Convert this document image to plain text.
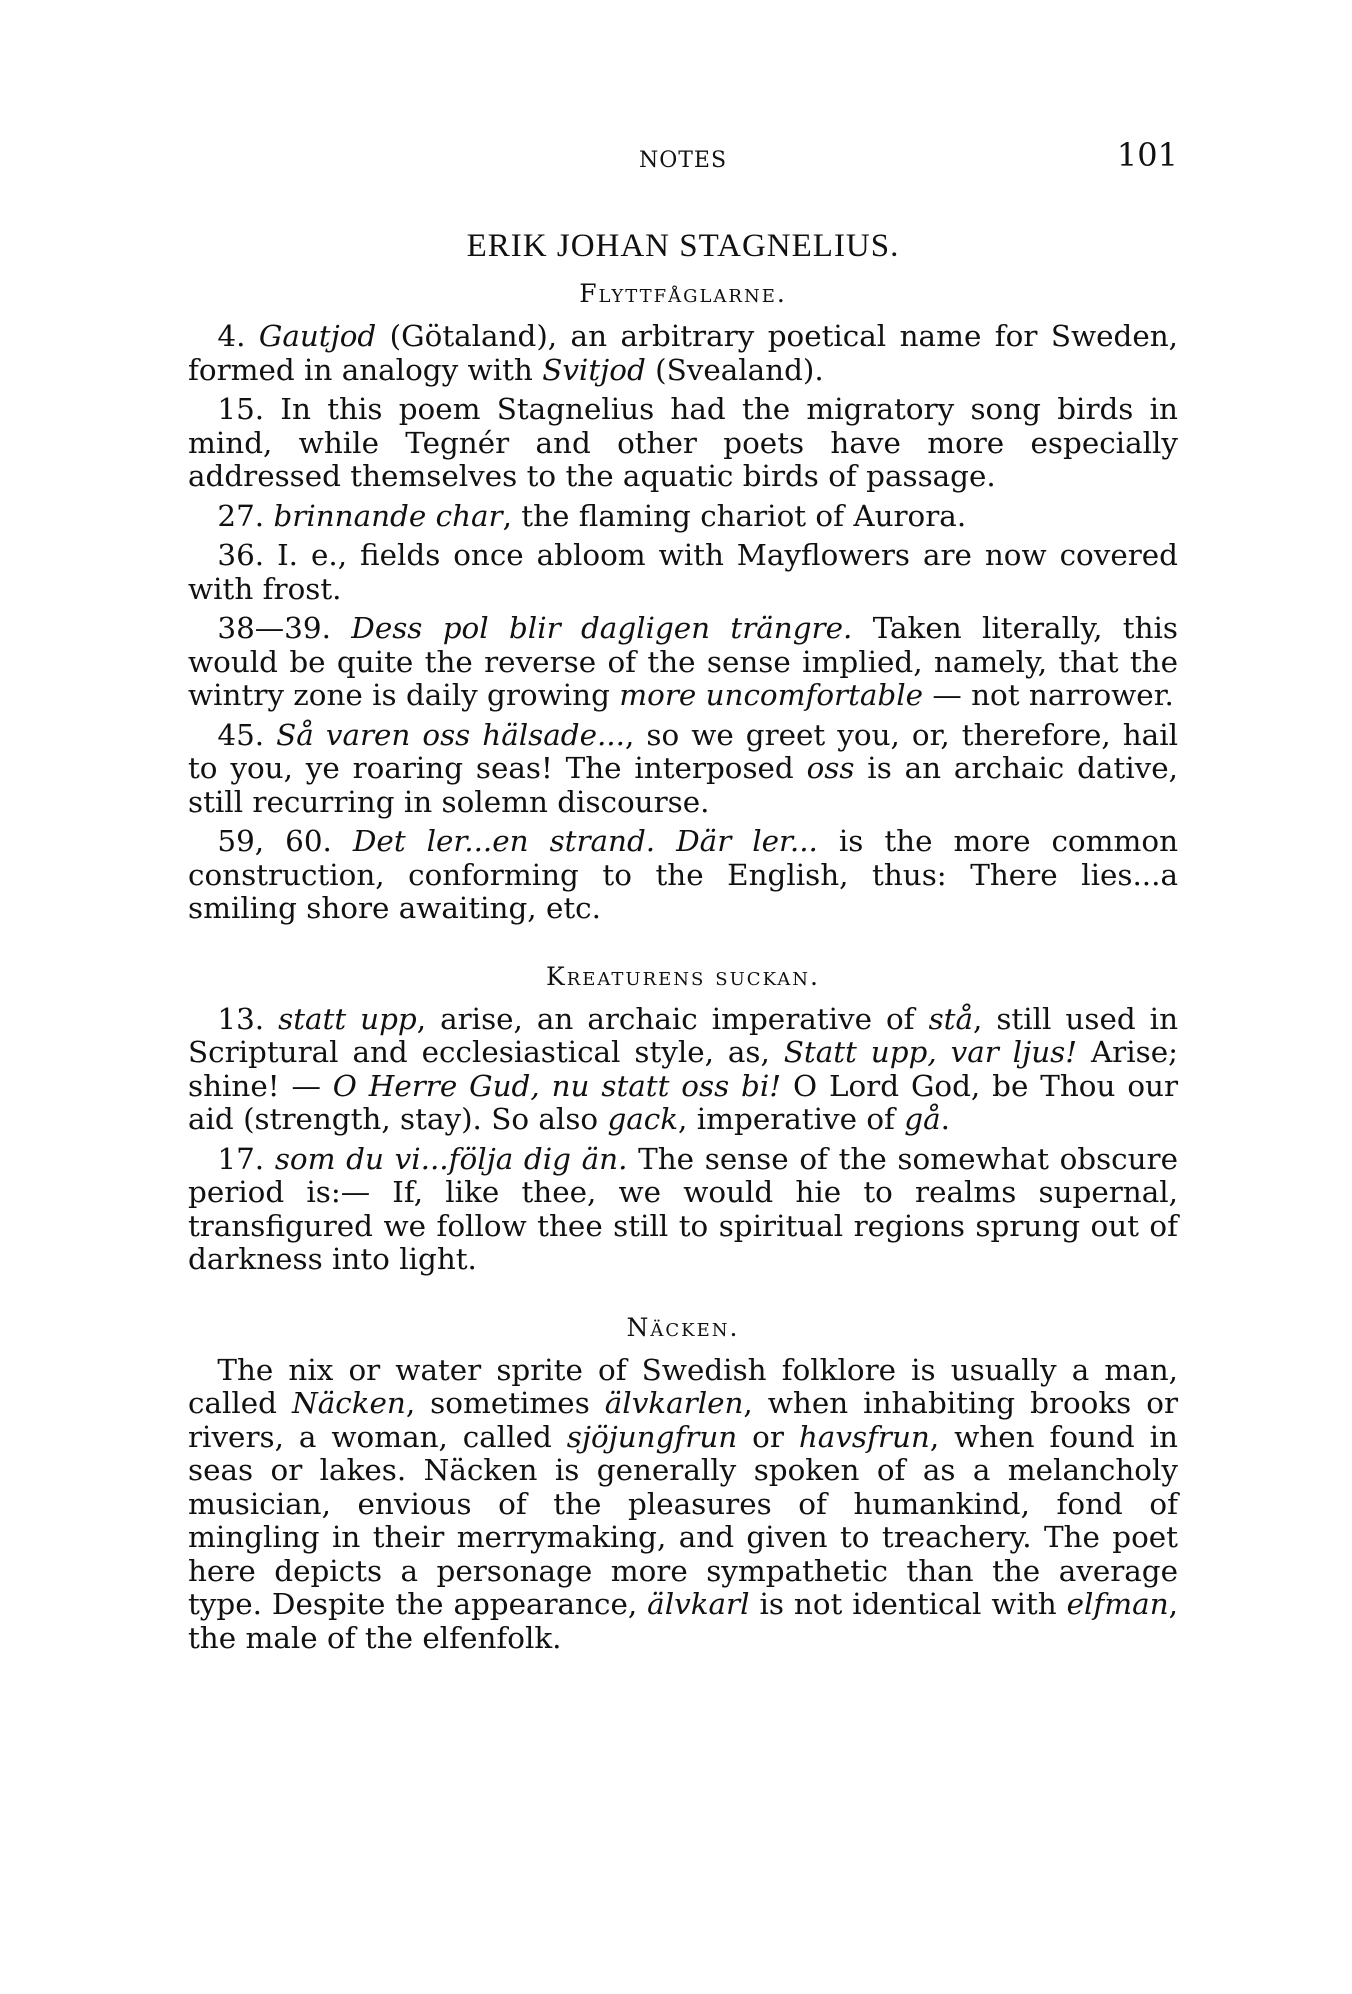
NOTES	101
ERIK JOHAN STAGNELIUS.
Flyttfåglarne.

4. Gautjod (Götaland), an arbitrary poetical name for Sweden, formed in analogy with Svitjod (Svealand).

15. In this poem Stagnelius had the migratory song birds in mind, while Tegnér and other poets have more especially addressed themselves to the aquatic birds of passage.

27. brinnande char, the flaming chariot of Aurora.

36. I. e., fields once abloom with Mayflowers are now covered with frost.

38—39. Dess pol blir dagligen trängre. Taken literally, this would be quite the reverse of the sense implied, namely, that the wintry zone is daily growing more uncomfortable — not narrower.

45. Så varen oss hälsade..., so we greet you, or, therefore, hail to you, ye roaring seas! The interposed oss is an archaic dative, still recurring in solemn discourse.

59, 60. Det ler...en strand. Där ler... is the more common construction, conforming to the English, thus: There lies...a smiling shore awaiting, etc.

Kreaturens suckan.

13. statt upp, arise, an archaic imperative of stå, still used in Scriptural and ecclesiastical style, as, Statt upp, var ljus! Arise; shine! — O Herre Gud, nu statt oss bi! O Lord God, be Thou our aid (strength, stay). So also gack, imperative of gå.

17. som du vi...följa dig än. The sense of the somewhat obscure period is:— If, like thee, we would hie to realms supernal, transfigured we follow thee still to spiritual regions sprung out of darkness into light.

Näcken.

The nix or water sprite of Swedish folklore is usually a man, called Näcken, sometimes älvkarlen, when inhabiting brooks or rivers, a woman, called sjöjungfrun or havsfrun, when found in seas or lakes. Näcken is generally spoken of as a melancholy musician, envious of the pleasures of humankind, fond of mingling in their merrymaking, and given to treachery. The poet here depicts a personage more sympathetic than the average type. Despite the appearance, älvkarl is not identical with elfman, the male of the elfenfolk.
